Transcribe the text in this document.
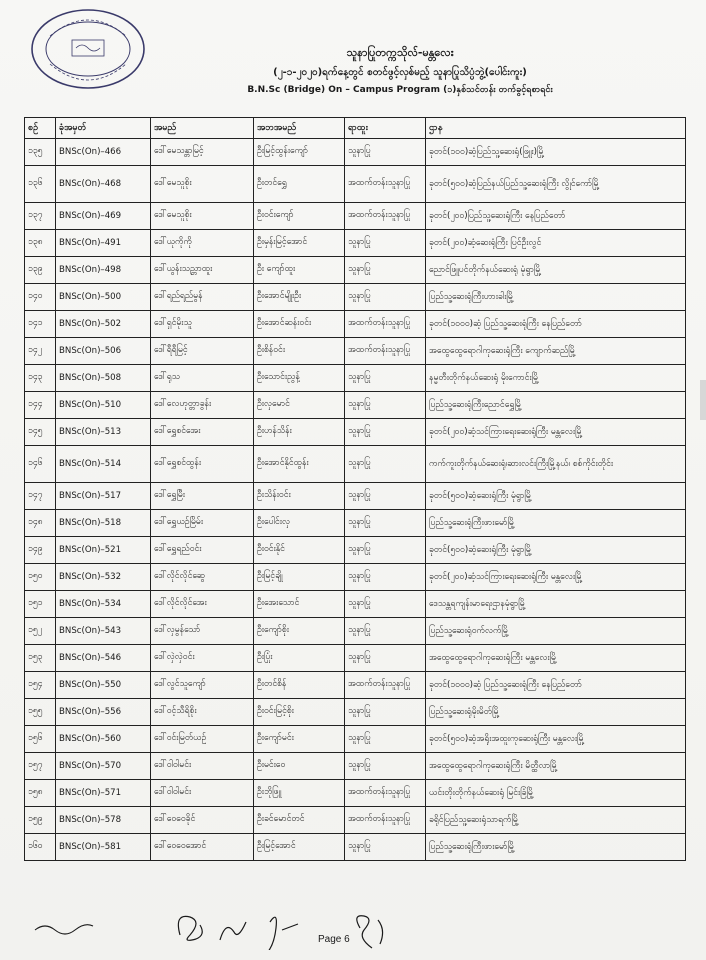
သူနာပြုတက္ကသိုလ်-မန္တလေး
(၂-၁-၂၀၂၀)ရက်နေ့တွင် စတင်ဖွင့်လှစ်မည့် သူနာပြုသိပ္ပံဘွဲ့(ပေါင်းကူး)
B.N.Sc (Bridge) On – Campus Program (၁)နှစ်သင်တန်း တက်ခွင့်ရစာရင်း
စဉ်	ခုံအမှတ်	အမည်	အဘအမည်	ရာထူး	ဌာန
၁၃၅	BNSc(On)–466	ဒေါ်မေသန္တာမြင့်	ဦးမြင့်ထွန်းကျော်	သူနာပြု	ခုတင်(၁၀၀)ဆံ့ပြည်သူ့ဆေးရုံ(ဖြူး)မြို့
၁၃၆	BNSc(On)–468	ဒေါ်မေသူစိုး	ဦးတင်ရွှေ	အထက်တန်းသူနာပြု	ခုတင်(၅၀၀)ဆံ့ပြည်နယ်ပြည်သူ့ဆေးရုံကြီး လွိုင်ကော်မြို့
၁၃၇	BNSc(On)–469	ဒေါ်မေသူစိုး	ဦးဝင်းကျော်	အထက်တန်းသူနာပြု	ခုတင်(၂၀၀)ပြည်သူ့ဆေးရုံကြီး နေပြည်တော်
၁၃၈	BNSc(On)–491	ဒေါ်ယုကိုကို	ဦးမှန်းမြင့်အောင်	သူနာပြု	ခုတင်(၂၀၀)ဆံ့ဆေးရုံကြီး ပြင်ဦးလွင်
၁၃၉	BNSc(On)–498	ဒေါ်ယွန်းသည္တာထူး	ဦး ကျော်ထူး	သူနာပြု	ညောင်ဖြူပင်တိုက်နယ်ဆေးရုံ မုံရွာမြို့
၁၄၀	BNSc(On)–500	ဒေါ်ရည်ရည်မွန်	ဦးအောင်မျိုးဦး	သူနာပြု	ပြည်သူ့ဆေးရုံကြီးဟားခါးမြို့
၁၄၁	BNSc(On)–502	ဒေါ်ရှင်မိုးသူ	ဦးအောင်ဆန်းဝင်း	အထက်တန်းသူနာပြု	ခုတင်(၁၀၀၀)ဆံ့ ပြည်သူ့ဆေးရုံကြီး နေပြည်တော်
၁၄၂	BNSc(On)–506	ဒေါ်ရီရီမြင့်	ဦးစိန်ဝင်း	အထက်တန်းသူနာပြု	အထွေထွေရောဂါကုဆေးရုံကြီး ကျောက်ဆည်မြို့
၁၄၃	BNSc(On)–508	ဒေါ်ရုသ	ဦးသောင်းညွန့်	သူနာပြု	နမ္မတီးတိုက်နယ်ဆေးရုံ မိုးကောင်းမြို့
၁၄၄	BNSc(On)–510	ဒေါ်လေဟုတ္တာခွန်း	ဦးလှမောင်	သူနာပြု	ပြည်သူ့ဆေးရုံကြီးညောင်ရွှေမြို့
၁၄၅	BNSc(On)–513	ဒေါ်ရွှေစင်အေး	ဦးဟန်သိန်း	သူနာပြု	ခုတင်(၂၀၀)ဆံ့သင်ကြားရေးဆေးရုံကြီး မန္တလေးမြို့
၁၄၆	BNSc(On)–514	ဒေါ်ရွှေစင်ထွန်း	ဦးအောင်နိုင်ထွန်း	သူနာပြု	ကက်ကူးတိုက်နယ်ဆေးရုံ၊ဆားလင်းကြီးမြို့နယ်၊ စစ်ကိုင်းတိုင်း
၁၄၇	BNSc(On)–517	ဒေါ်ရွှေမြီး	ဦးသိန်းဝင်း	သူနာပြု	ခုတင်(၅၀၀)ဆံ့ဆေးရုံကြီး မုံရွာမြို့
၁၄၈	BNSc(On)–518	ဒေါ်ရွှေယဉ်မြိမ်း	ဦးပေါင်းလှ	သူနာပြု	ပြည်သူ့ဆေးရုံကြီးဖားမော်မြို့
၁၄၉	BNSc(On)–521	ဒေါ်ရွှေရည်ဝင်း	ဦးဝင်းနိုင်	သူနာပြု	ခုတင်(၅၀၀)ဆံ့ဆေးရုံကြီး မုံရွာမြို့
၁၅၀	BNSc(On)–532	ဒေါ်လိုင်လိုင်ဆွေ	ဦးမြင့်ချို	သူနာပြု	ခုတင်(၂၀၀)ဆံ့သင်ကြားရေးဆေးရုံကြီး မန္တလေးမြို့
၁၅၁	BNSc(On)–534	ဒေါ်လိုင်လိုင်အေး	ဦးအေးသောင်	သူနာပြု	ဒေသန္တရကျန်းမာရေးဌာနမုံရွာမြို့
၁၅၂	BNSc(On)–543	ဒေါ်လှမွန်သော်	ဦးကျော်စိုး	သူနာပြု	ပြည်သူ့ဆေးရုံဝက်လက်မြို့
၁၅၃	BNSc(On)–546	ဒေါ်လှဲလှဲဝင်း	ဦးပြုံး	သူနာပြု	အထွေထွေရောဂါကုဆေးရုံကြီး မန္တလေးမြို့
၁၅၄	BNSc(On)–550	ဒေါ်လွင်သူကျော်	ဦးတင်စိန်	အထက်တန်းသူနာပြု	ခုတင်(၁၀၀၀)ဆံ့ ပြည်သူ့ဆေးရုံကြီး နေပြည်တော်
၁၅၅	BNSc(On)–556	ဒေါ်ဝင့်သီရိစိုး	ဦးဝင်းမြင့်စိုး	သူနာပြု	ပြည်သူ့ဆေးရုံမိုးမိတ်မြို့
၁၅၆	BNSc(On)–560	ဒေါ်ဝင်းမြတ်ယဉ်	ဦးကျော်မင်း	သူနာပြု	ခုတင်(၅၀၀)ဆံ့အရိုးအထူးကုဆေးရုံကြီး မန္တလေးမြို့
၁၅၇	BNSc(On)–570	ဒေါ်ဝါဝါမင်း	ဦးမင်းဝေ	သူနာပြု	အထွေထွေရောဂါကုဆေးရုံကြီး မိတ္ထီလာမြို့
၁၅၈	BNSc(On)–571	ဒေါ်ဝါဝါမင်း	ဦးဘိုဖြူ	အထက်တန်းသူနာပြု	ယင်းတိုးတိုက်နယ်ဆေးရုံ မြင်းခြံမြို့
၁၅၉	BNSc(On)–578	ဒေါ်ဝေဝေခိုင်	ဦးခင်မောင်တင်	အထက်တန်းသူနာပြု	ခရိုင်ပြည်သူ့ဆေးရုံသာရက်မြို့
၁၆၀	BNSc(On)–581	ဒေါ်ဝေဝေအောင်	ဦးမြင့်အောင်	သူနာပြု	ပြည်သူ့ဆေးရုံကြီးဖားမော်မြို့
Page 6
